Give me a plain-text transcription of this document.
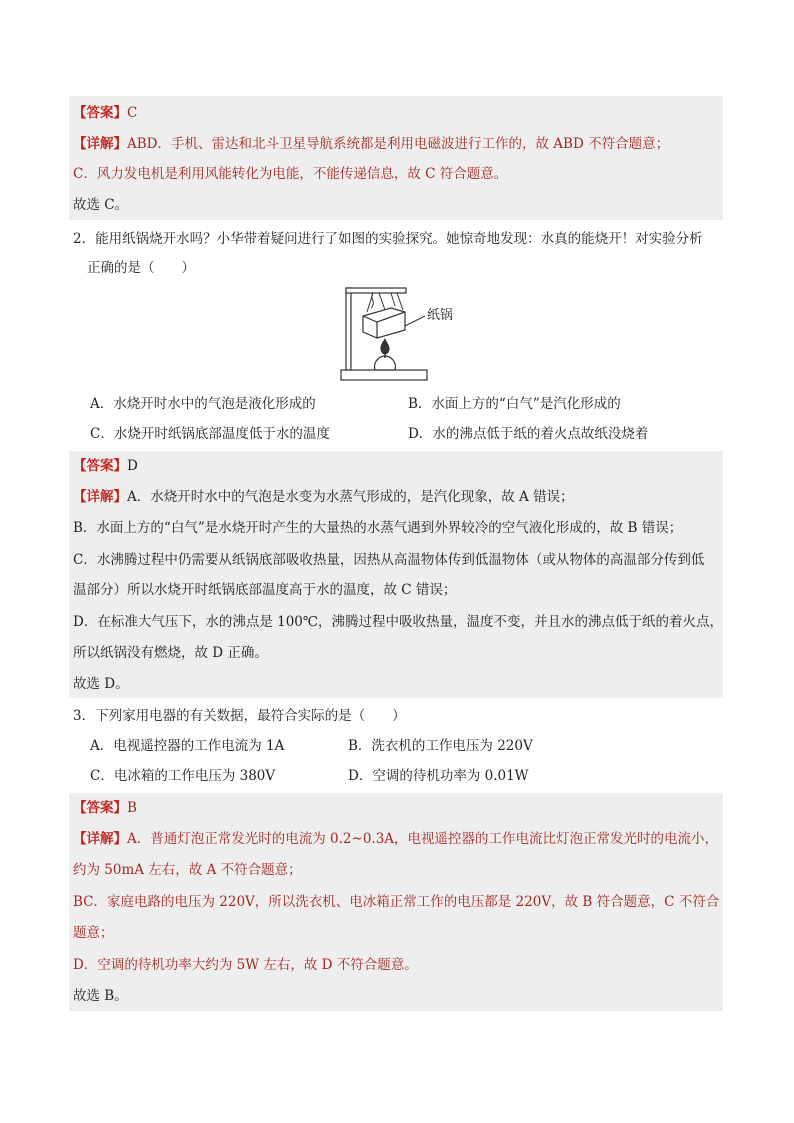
【答案】C
【详解】ABD．手机、雷达和北斗卫星导航系统都是利用电磁波进行工作的，故 ABD 不符合题意；
C．风力发电机是利用风能转化为电能，不能传递信息，故 C 符合题意。
故选 C。
2．能用纸锅烧开水吗？小华带着疑问进行了如图的实验探究。她惊奇地发现：水真的能烧开！对实验分析
正确的是（　　）
纸锅
A．水烧开时水中的气泡是液化形成的	B．水面上方的“白气”是汽化形成的
C．水烧开时纸锅底部温度低于水的温度	D．水的沸点低于纸的着火点故纸没烧着
【答案】D
【详解】A．水烧开时水中的气泡是水变为水蒸气形成的，是汽化现象，故 A 错误；
B．水面上方的“白气”是水烧开时产生的大量热的水蒸气遇到外界较冷的空气液化形成的，故 B 错误；
C．水沸腾过程中仍需要从纸锅底部吸收热量，因热从高温物体传到低温物体（或从物体的高温部分传到低
温部分）所以水烧开时纸锅底部温度高于水的温度，故 C 错误；
D．在标准大气压下，水的沸点是 100℃，沸腾过程中吸收热量，温度不变，并且水的沸点低于纸的着火点，
所以纸锅没有燃烧，故 D 正确。
故选 D。
3．下列家用电器的有关数据，最符合实际的是（　　）
A．电视遥控器的工作电流为 1A	B．洗衣机的工作电压为 220V
C．电冰箱的工作电压为 380V	D．空调的待机功率为 0.01W
【答案】B
【详解】A．普通灯泡正常发光时的电流为 0.2~0.3A，电视遥控器的工作电流比灯泡正常发光时的电流小，
约为 50mA 左右，故 A 不符合题意；
BC．家庭电路的电压为 220V，所以洗衣机、电冰箱正常工作的电压都是 220V，故 B 符合题意，C 不符合
题意；
D．空调的待机功率大约为 5W 左右，故 D 不符合题意。
故选 B。
